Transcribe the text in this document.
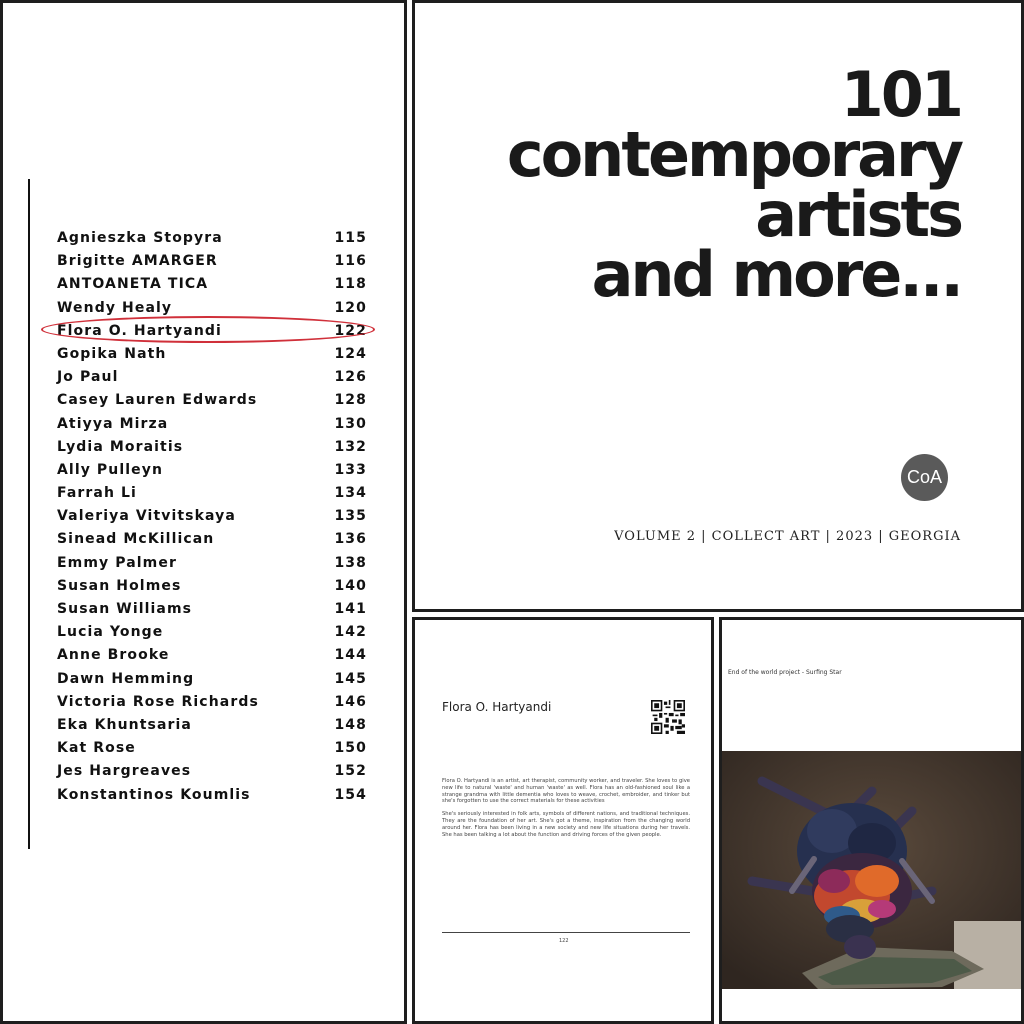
Agnieszka Stopyra	115
Brigitte AMARGER	116
ANTOANETA TICA	118
Wendy Healy	120
Flora O. Hartyandi	122
Gopika Nath	124
Jo Paul	126
Casey Lauren Edwards	128
Atiyya Mirza	130
Lydia Moraitis	132
Ally Pulleyn	133
Farrah Li	134
Valeriya Vitvitskaya	135
Sinead McKillican	136
Emmy Palmer	138
Susan Holmes	140
Susan Williams	141
Lucia Yonge	142
Anne Brooke	144
Dawn Hemming	145
Victoria Rose Richards	146
Eka Khuntsaria	148
Kat Rose	150
Jes Hargreaves	152
Konstantinos Koumlis	154
101
contemporary
artists
and more...
CoA
VOLUME 2 | COLLECT ART | 2023 | GEORGIA
Flora O. Hartyandi

Flora O. Hartyandi is an artist, art therapist, community worker, and traveler. She loves to give new life to natural 'waste' and human 'waste' as well. Flora has an old-fashioned soul like a strange grandma with little dementia who loves to weave, crochet, embroider, and tinker but she's forgotten to use the correct materials for these activities

She's seriously interested in folk arts, symbols of different nations, and traditional techniques. They are the foundation of her art. She's got a theme, inspiration from the changing world around her. Flora has been living in a new society and new life situations during her travels. She has been talking a lot about the function and driving forces of the given people.

122
End of the world project - Surfing Star
